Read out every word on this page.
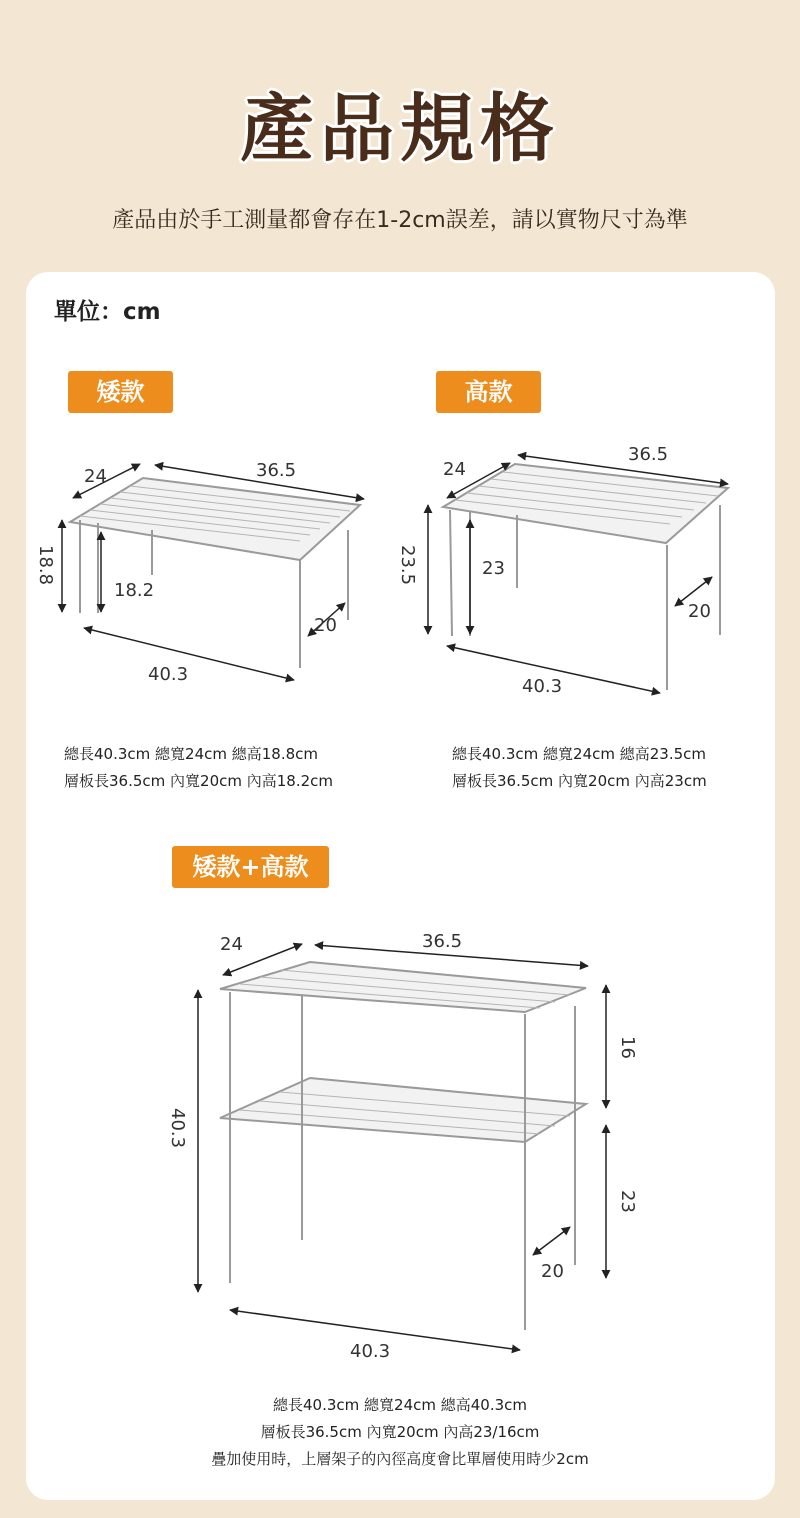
產品規格
產品由於手工測量都會存在1-2cm誤差，請以實物尺寸為準
單位：cm
矮款	高款
矮款+高款
24	36.5
18.8
18.2
20
40.3
24
36.5
23.5	23
20
40.3
24	36.5
40.3
16
23
20
40.3
總長40.3cm 總寬24cm 總高18.8cm
層板長36.5cm 內寬20cm 內高18.2cm
總長40.3cm 總寬24cm 總高23.5cm
層板長36.5cm 內寬20cm 內高23cm
總長40.3cm 總寬24cm 總高40.3cm
層板長36.5cm 內寬20cm 內高23/16cm
疊加使用時，上層架子的內徑高度會比單層使用時少2cm
